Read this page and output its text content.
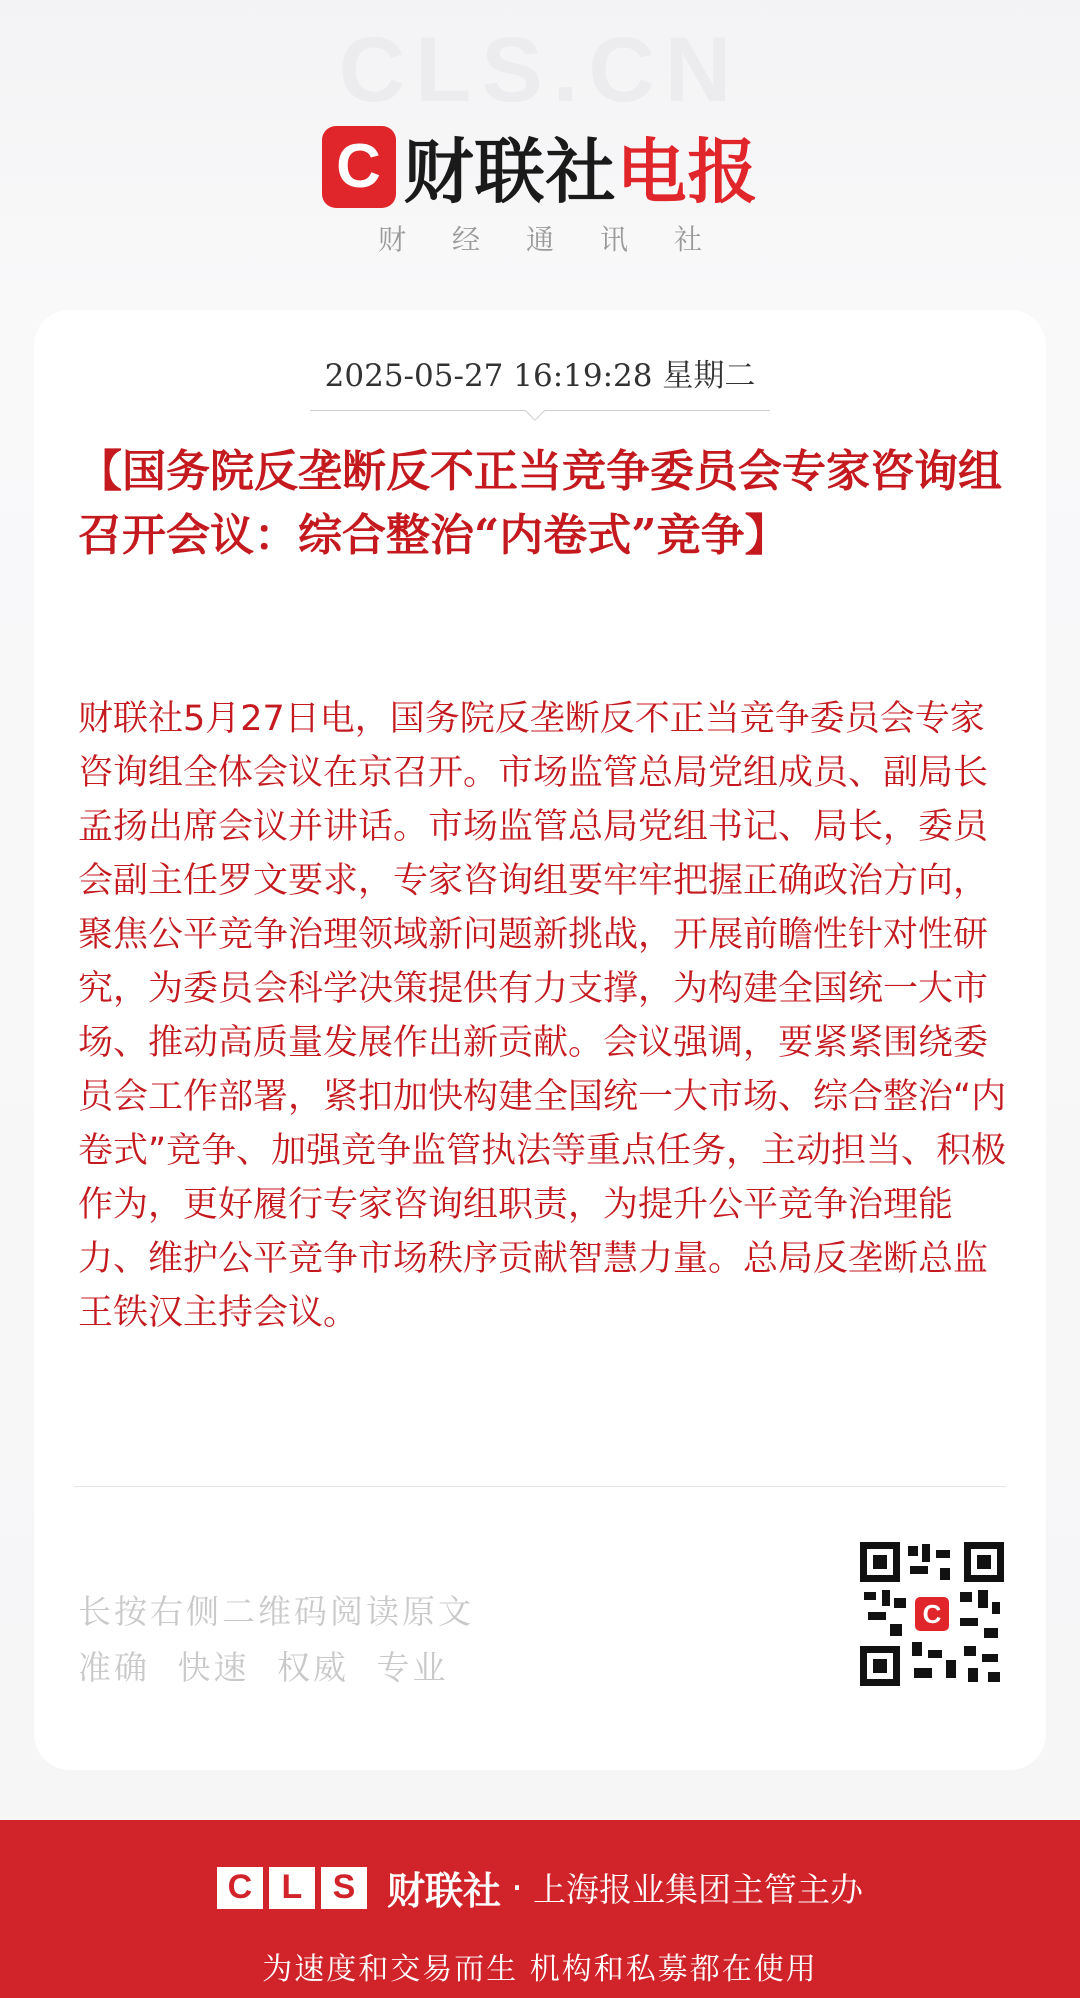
CLS.CN
C 财联社 电报
财经通讯社
2025-05-27 16:19:28 星期二
【国务院反垄断反不正当竞争委员会专家咨询组召开会议：综合整治“内卷式”竞争】
财联社5月27日电，国务院反垄断反不正当竞争委员会专家咨询组全体会议在京召开。市场监管总局党组成员、副局长孟扬出席会议并讲话。市场监管总局党组书记、局长，委员会副主任罗文要求，专家咨询组要牢牢把握正确政治方向，聚焦公平竞争治理领域新问题新挑战，开展前瞻性针对性研究，为委员会科学决策提供有力支撑，为构建全国统一大市场、推动高质量发展作出新贡献。会议强调，要紧紧围绕委员会工作部署，紧扣加快构建全国统一大市场、综合整治“内卷式”竞争、加强竞争监管执法等重点任务，主动担当、积极作为，更好履行专家咨询组职责，为提升公平竞争治理能力、维护公平竞争市场秩序贡献智慧力量。总局反垄断总监王铁汉主持会议。
长按右侧二维码阅读原文
准确 快速 权威 专业
C
C L S 财联社 · 上海报业集团主管主办
为速度和交易而生 机构和私募都在使用
